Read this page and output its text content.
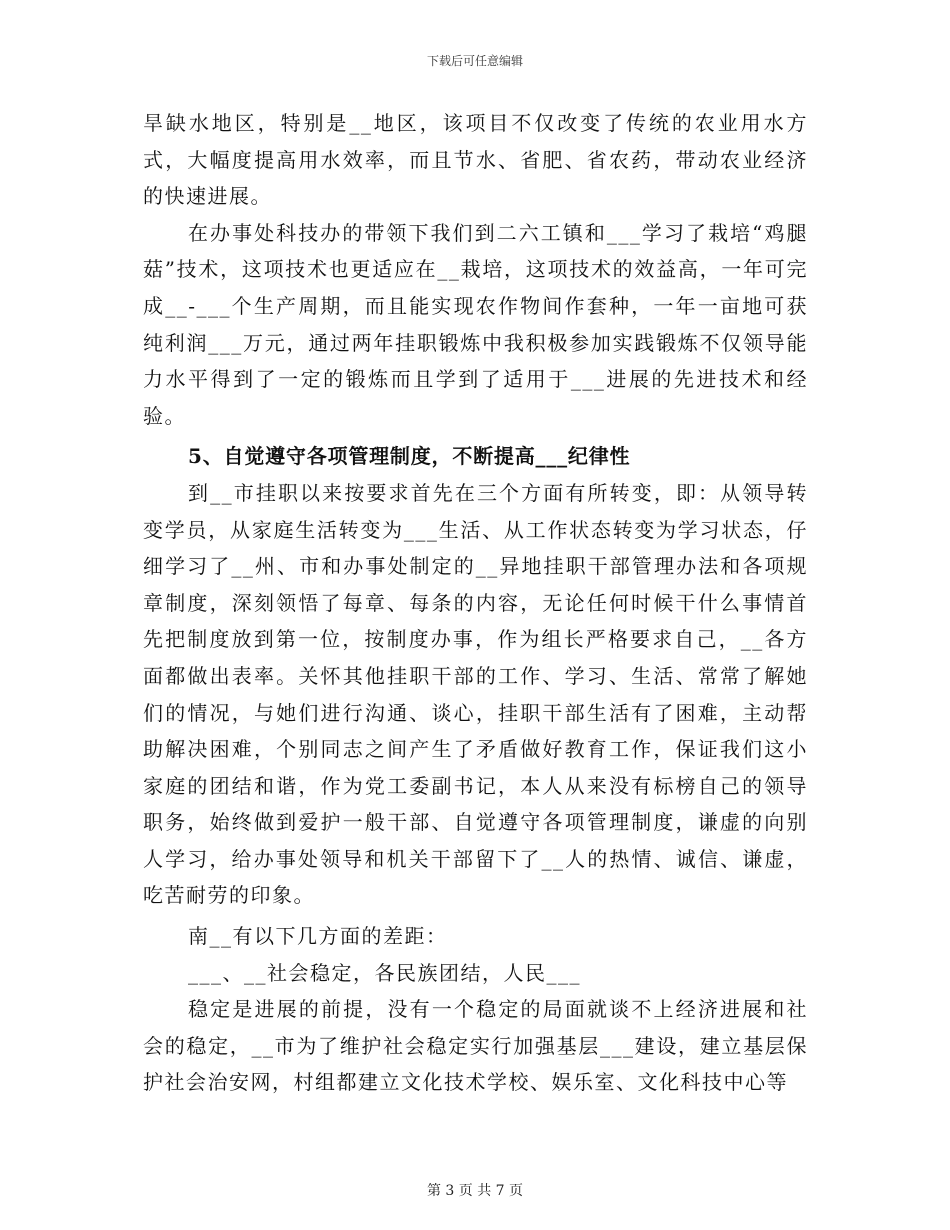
下载后可任意编辑

旱缺水地区，特别是__地区，该项目不仅改变了传统的农业用水方式，大幅度提高用水效率，而且节水、省肥、省农药，带动农业经济的快速进展。

在办事处科技办的带领下我们到二六工镇和___学习了栽培“鸡腿菇”技术，这项技术也更适应在__栽培，这项技术的效益高，一年可完成__-___个生产周期，而且能实现农作物间作套种，一年一亩地可获纯利润___万元，通过两年挂职锻炼中我积极参加实践锻炼不仅领导能力水平得到了一定的锻炼而且学到了适用于___进展的先进技术和经验。

5、自觉遵守各项管理制度，不断提高___纪律性

到__市挂职以来按要求首先在三个方面有所转变，即：从领导转变学员，从家庭生活转变为___生活、从工作状态转变为学习状态，仔细学习了__州、市和办事处制定的__异地挂职干部管理办法和各项规章制度，深刻领悟了每章、每条的内容，无论任何时候干什么事情首先把制度放到第一位，按制度办事，作为组长严格要求自己，__各方面都做出表率。关怀其他挂职干部的工作、学习、生活、常常了解她们的情况，与她们进行沟通、谈心，挂职干部生活有了困难，主动帮助解决困难，个别同志之间产生了矛盾做好教育工作，保证我们这小家庭的团结和谐，作为党工委副书记，本人从来没有标榜自己的领导职务，始终做到爱护一般干部、自觉遵守各项管理制度，谦虚的向别人学习，给办事处领导和机关干部留下了__人的热情、诚信、谦虚，吃苦耐劳的印象。

南__有以下几方面的差距：

___、__社会稳定，各民族团结，人民___

稳定是进展的前提，没有一个稳定的局面就谈不上经济进展和社会的稳定，__市为了维护社会稳定实行加强基层___建设，建立基层保护社会治安网，村组都建立文化技术学校、娱乐室、文化科技中心等

第 3 页 共 7 页
